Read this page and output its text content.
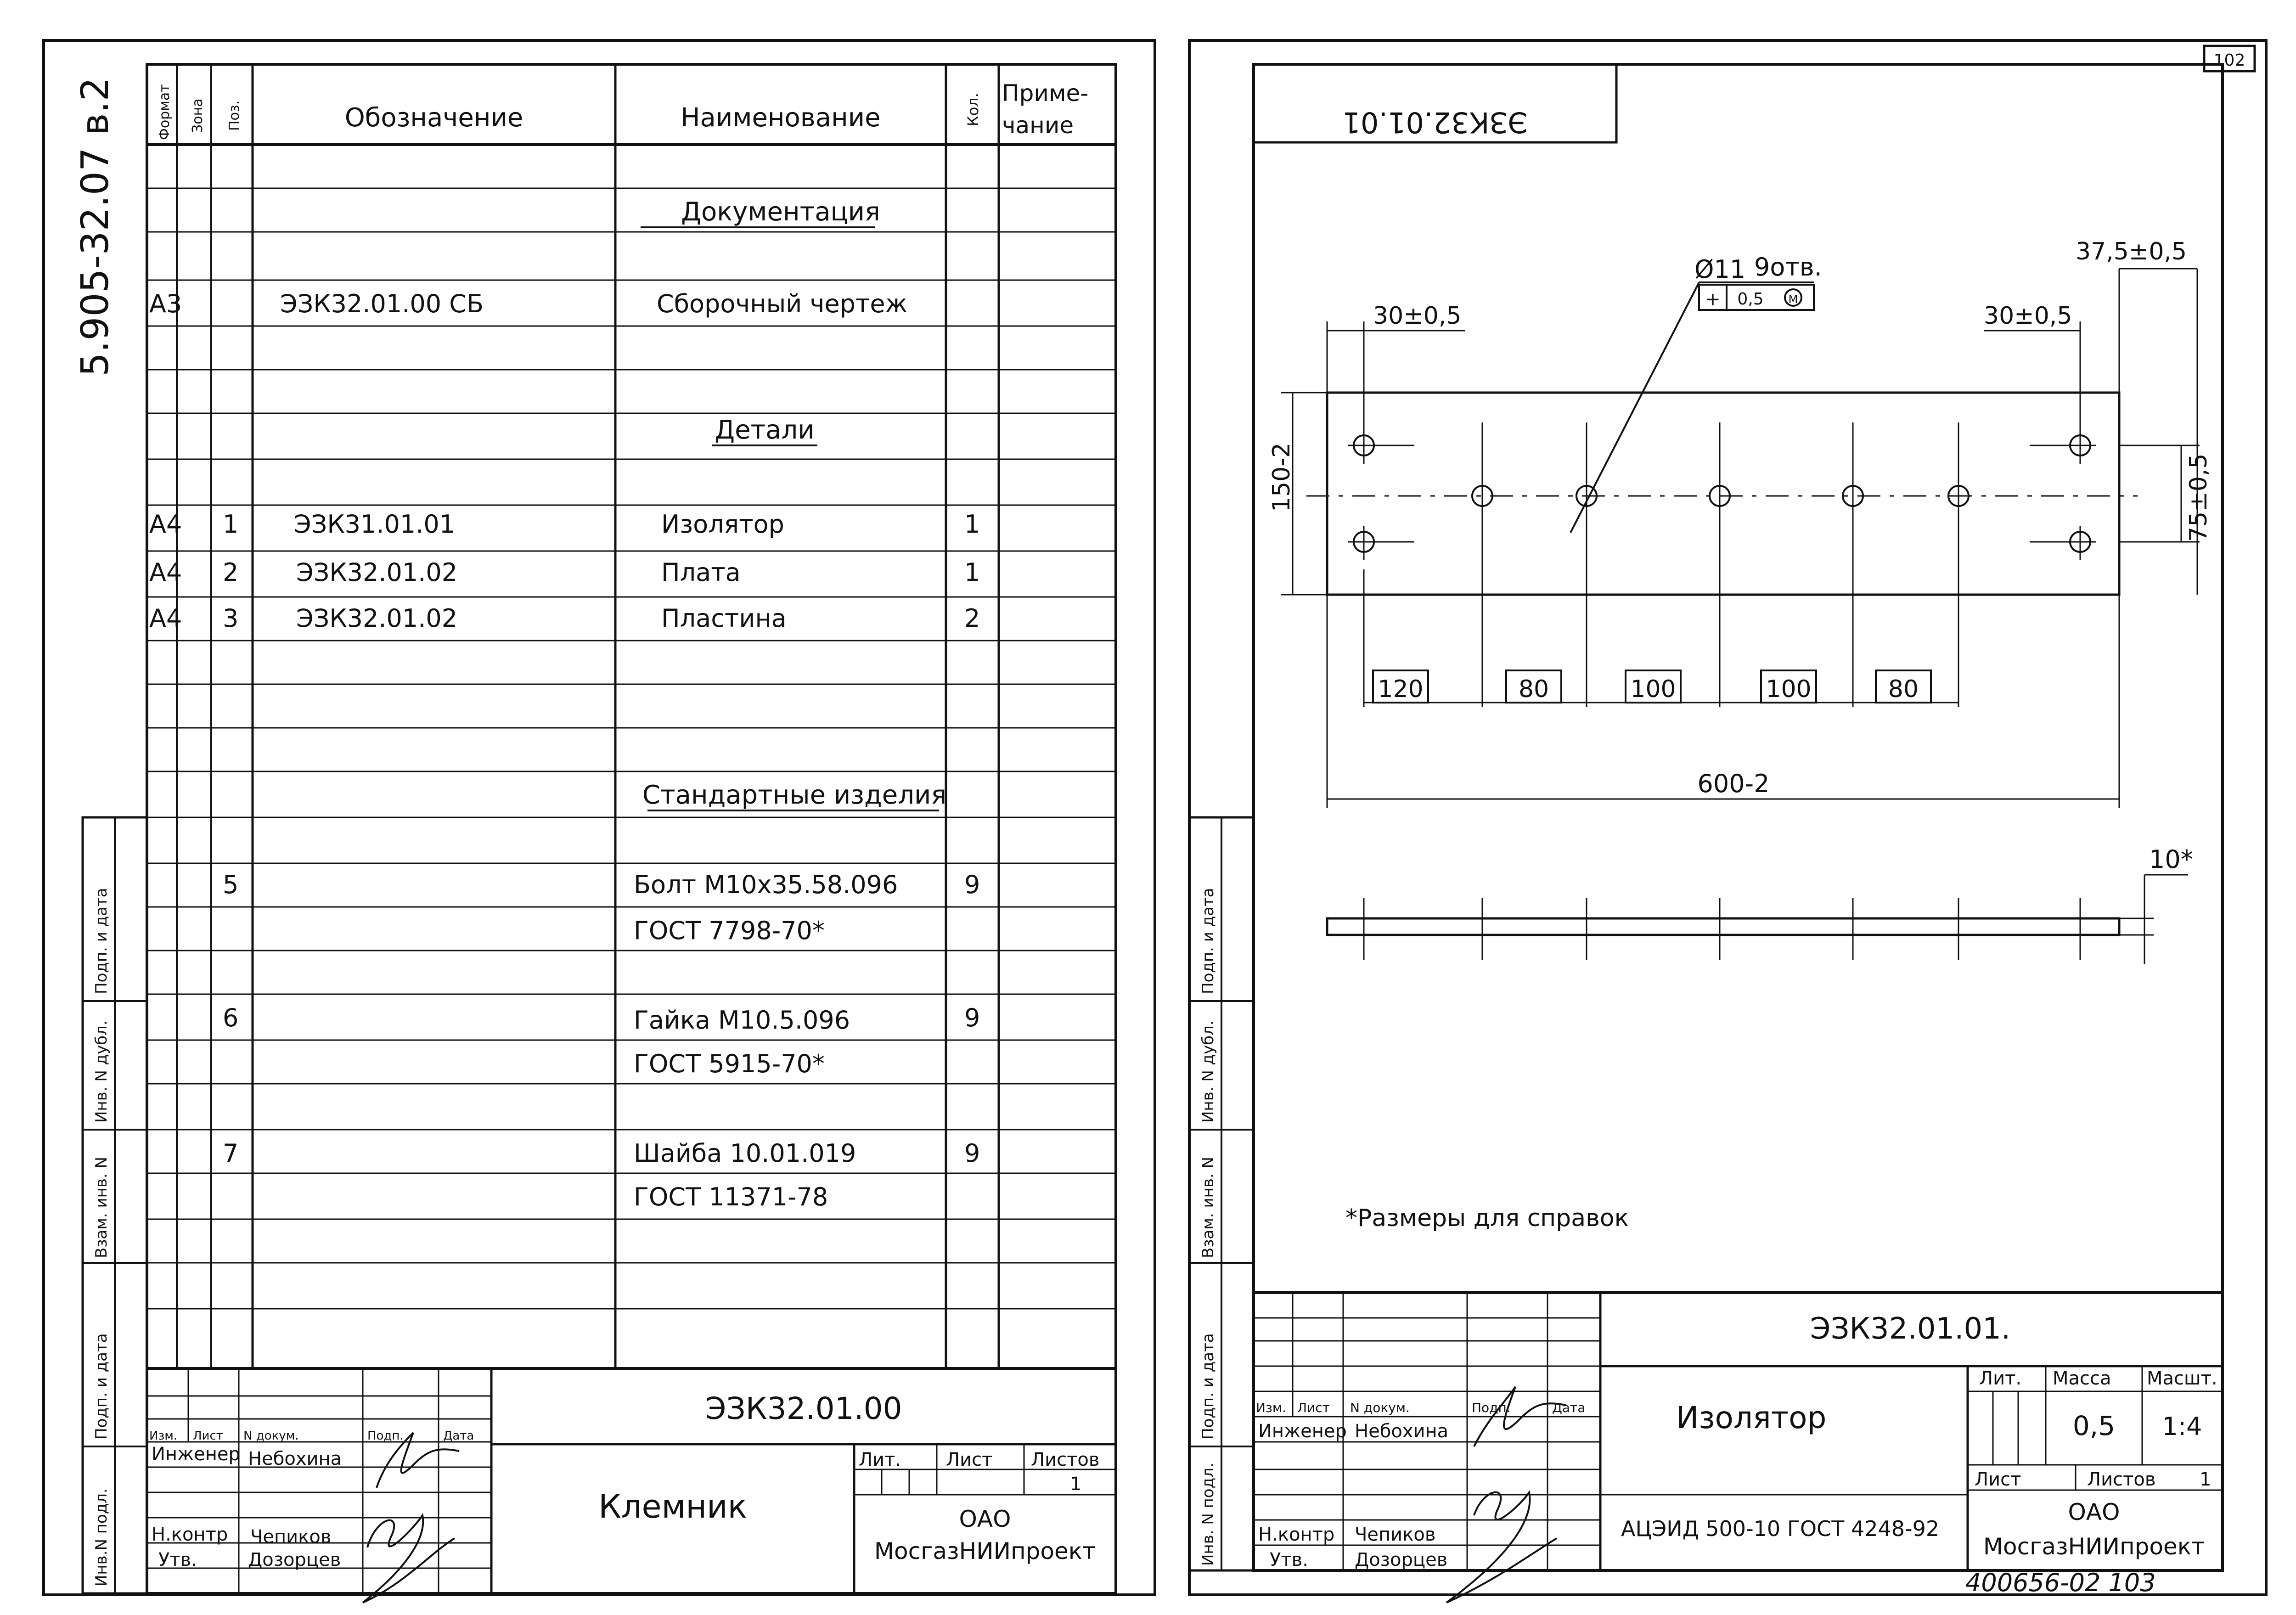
102
5.905-32.07 в.2	Формат Зона Поз.	Обозначение	Наименование	Кол. Приме-
чание
Документация
Детали
Стандартные изделия
А3	ЭЗК32.01.00 СБ	Сборочный чертеж
А4 1 ЭЗК31.01.01	Изолятор	1
А4 2 ЭЗК32.01.02	Плата	1
А4 3 ЭЗК32.01.02	Пластина	2
5	Болт М10х35.58.096	9
ГОСТ 7798-70*
6	Гайка М10.5.096	9
ГОСТ 5915-70*
7	Шайба 10.01.019	9
ГОСТ 11371-78
Подп. и дата
Инв. N дубл.
Взам. инв. N
Подп. и дата
Инв.N подл.
ЭЗК32.01.00
Клемник
Изм. Лист N докум.	Подп.	Дата
Инженер Небохина
Н.контр Чепиков
Утв.	Дозорцев
Лит. Лист Листов
1
ОАО
МосгазНИИпроект
ЭЗК32.01.01
Ø11 9отв.
+ 0,5 M
30±0,5	30±0,5
37,5±0,5
150-2	75±0,5
120	80	100	100	80
600-2
10*
*Размеры для справок
Подп. и дата
Инв. N дубл.
Взам. инв. N
Подп. и дата
Инв. N подл.
ЭЗК32.01.01.
Изолятор
АЦЭИД 500-10 ГОСТ 4248-92
Изм. Лист N докум.	Подп.	Дата
Инженер Небохина
Н.контр Чепиков
Утв.	Дозорцев
Лит. Масса Масшт.
0,5 1:4
Лист	Листов 1
ОАО
МосгазНИИпроект
400656-02 103
